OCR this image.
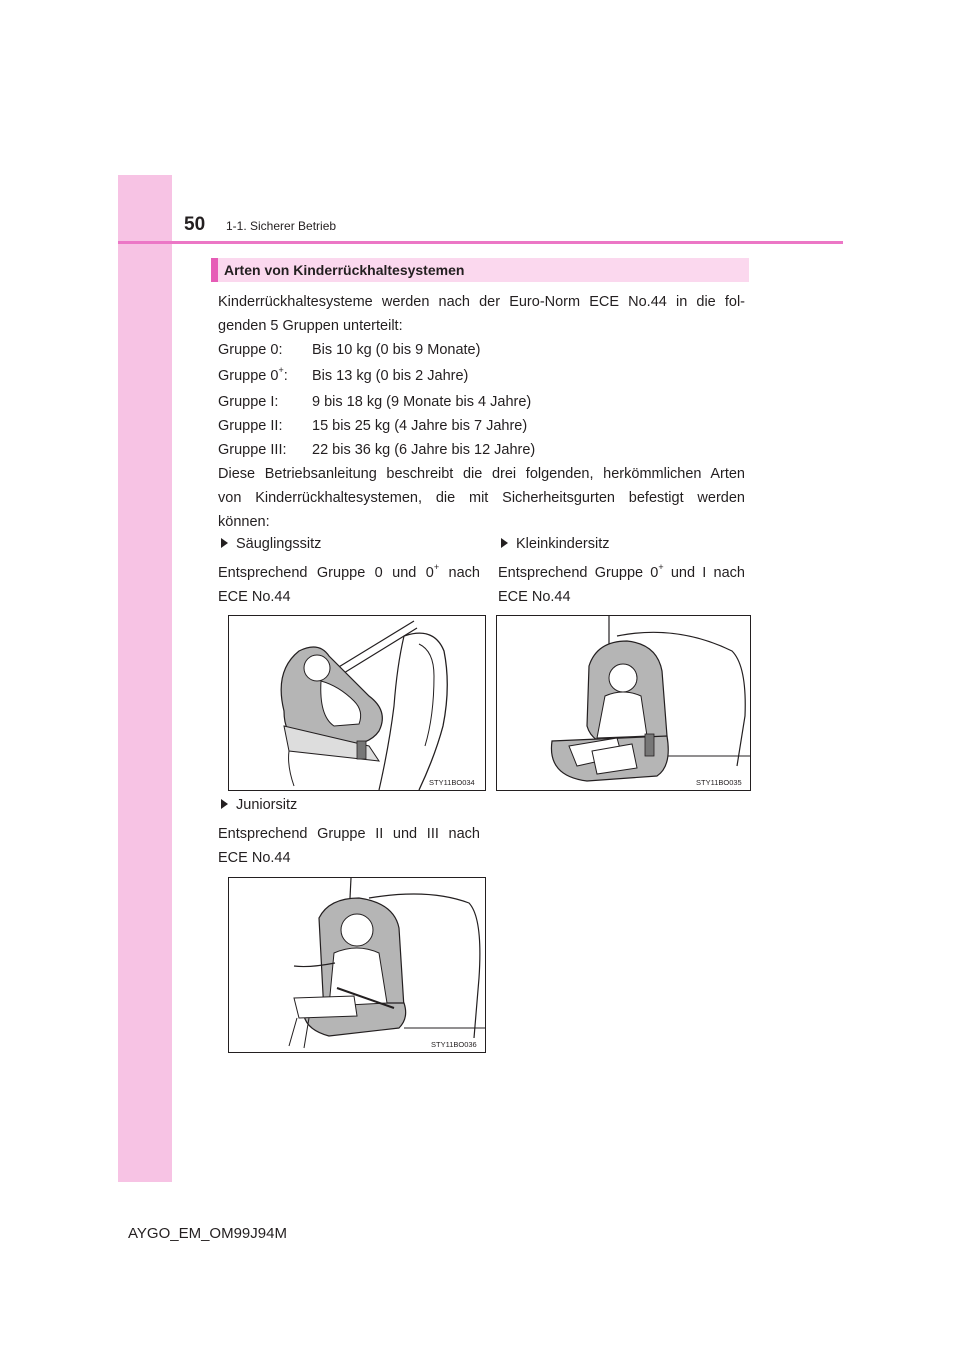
50 1-1. Sicherer Betrieb
Arten von Kinderrückhaltesystemen
Kinderrückhaltesysteme werden nach der Euro-Norm ECE No.44 in die fol-
genden 5 Gruppen unterteilt:
Gruppe 0: Bis 10 kg (0 bis 9 Monate)
Gruppe 0+: Bis 13 kg (0 bis 2 Jahre)
Gruppe I: 9 bis 18 kg (9 Monate bis 4 Jahre)
Gruppe II: 15 bis 25 kg (4 Jahre bis 7 Jahre)
Gruppe III: 22 bis 36 kg (6 Jahre bis 12 Jahre)
Diese Betriebsanleitung beschreibt die drei folgenden, herkömmlichen Arten
von Kinderrückhaltesystemen, die mit Sicherheitsgurten befestigt werden
können:
Säuglingssitz
Entsprechend Gruppe 0 und 0+ nach
ECE No.44
Kleinkindersitz
Entsprechend Gruppe 0+ und I nach
ECE No.44
STY11BO034	STY11BO035
Juniorsitz
Entsprechend Gruppe II und III nach
ECE No.44
STY11BO036
AYGO_EM_OM99J94M
